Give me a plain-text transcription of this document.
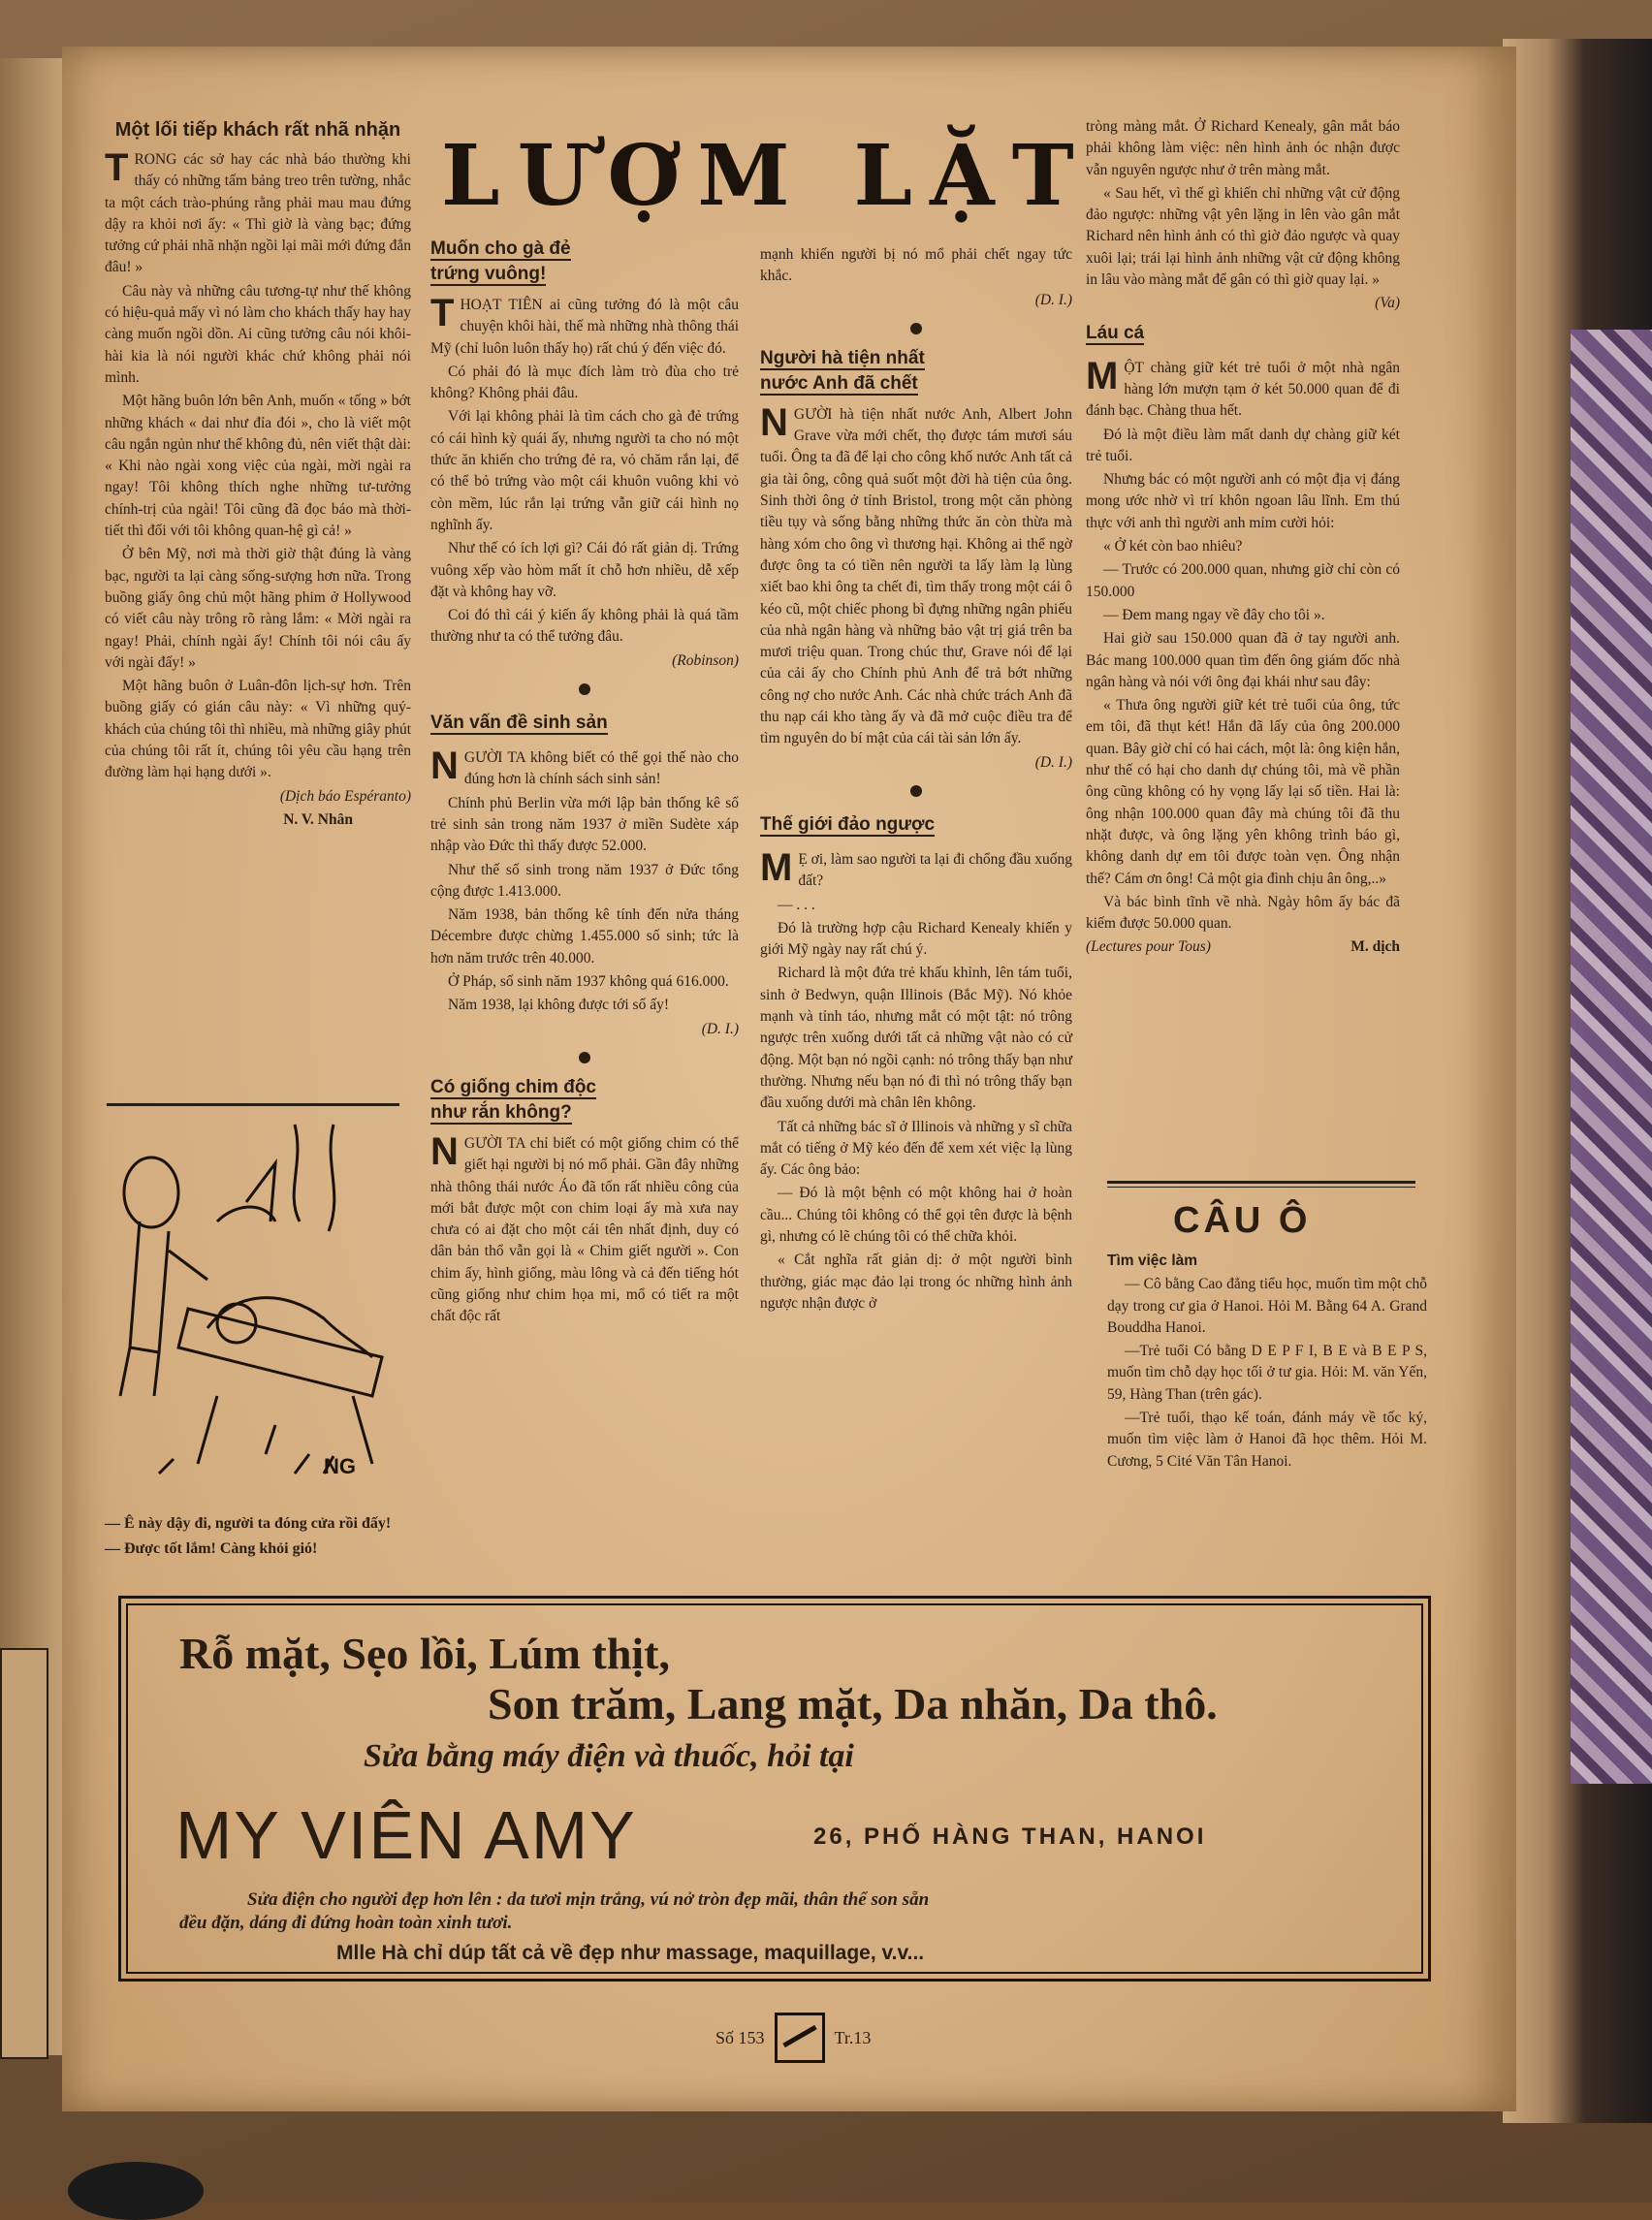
Một lối tiếp khách rất nhã nhặn

TRONG các sở hay các nhà báo thường khi thấy có những tấm bảng treo trên tường, nhắc ta một cách trào-phúng rằng phải mau mau đứng dậy ra khỏi nơi ấy: « Thì giờ là vàng bạc; đứng tưởng cứ phải nhã nhặn ngồi lại mãi mới đứng đắn đâu! »

Câu này và những câu tương-tự như thế không có hiệu-quả mấy vì nó làm cho khách thấy hay hay càng muốn ngồi dồn. Ai cũng tưởng câu nói khôi-hài kia là nói người khác chứ không phải nói mình.

Một hãng buôn lớn bên Anh, muốn « tống » bớt những khách « dai như đỉa đói », cho là viết một câu ngắn ngủn như thế không đủ, nên viết thật dài: « Khi nào ngài xong việc của ngài, mời ngài ra ngay! Tôi không thích nghe những tư-tưởng chính-trị của ngài! Tôi cũng đã đọc báo mà thời-tiết thì đối với tôi không quan-hệ gì cả! »

Ở bên Mỹ, nơi mà thời giờ thật đúng là vàng bạc, người ta lại càng sống-sượng hơn nữa. Trong buồng giấy ông chủ một hãng phim ở Hollywood có viết câu này trông rõ ràng lắm: « Mời ngài ra ngay! Phải, chính ngài ấy! Chính tôi nói câu ấy với ngài đấy! »

Một hãng buôn ở Luân-đôn lịch-sự hơn. Trên buồng giấy có gián câu này: « Vì những quý-khách của chúng tôi thì nhiều, mà những giây phút của chúng tôi rất ít, chúng tôi yêu cầu hạng trên đường làm hại hạng dưới ».

(Dịch báo Espéranto)

N. V. Nhân

NG

— Ê này dậy đi, người ta đóng cửa rồi đấy!

— Được tốt lắm! Càng khỏi gió!

LƯỢM LẶT
Muốn cho gà đẻ
trứng vuông!

THOẠT TIÊN ai cũng tưởng đó là một câu chuyện khôi hài, thế mà những nhà thông thái Mỹ (chỉ luôn luôn thấy họ) rất chú ý đến việc đó.

Có phải đó là mục đích làm trò đùa cho trẻ không? Không phải đâu.

Với lại không phải là tìm cách cho gà đẻ trứng có cái hình kỳ quái ấy, nhưng người ta cho nó một thức ăn khiến cho trứng đẻ ra, vỏ chăm rắn lại, để có thể bỏ trứng vào một cái khuôn vuông khi vỏ còn mềm, lúc rắn lại trứng vẫn giữ cái hình nọ nghĩnh ấy.

Như thế có ích lợi gì? Cái đó rất giản dị. Trứng vuông xếp vào hòm mất ít chỗ hơn nhiều, dễ xếp đặt và không hay vỡ.

Coi đó thì cái ý kiến ấy không phải là quá tầm thường như ta có thể tưởng đâu.

(Robinson)

Văn vấn đề sinh sản

NGƯỜI TA không biết có thể gọi thế nào cho đúng hơn là chính sách sinh sản!

Chính phủ Berlin vừa mới lập bản thống kê số trẻ sinh sản trong năm 1937 ở miền Sudète xáp nhập vào Đức thì thấy được 52.000.

Như thế số sinh trong năm 1937 ở Đức tổng cộng được 1.413.000.

Năm 1938, bản thống kê tính đến nửa tháng Décembre được chừng 1.455.000 số sinh; tức là hơn năm trước trên 40.000.

Ở Pháp, số sinh năm 1937 không quá 616.000.

Năm 1938, lại không được tới số ấy!

(D. I.)

Có giống chim độc
như rắn không?

NGƯỜI TA chỉ biết có một giống chim có thể giết hại người bị nó mổ phải. Gần đây những nhà thông thái nước Áo đã tốn rất nhiều công của mới bắt được một con chim loại ấy mà xưa nay chưa có ai đặt cho một cái tên nhất định, duy có dân bản thổ vẫn gọi là « Chim giết người ». Con chim ấy, hình giống, màu lông và cả đến tiếng hót cũng giống như chim họa mi, mổ có tiết ra một chất độc rất

mạnh khiến người bị nó mổ phải chết ngay tức khắc.

(D. I.)

Người hà tiện nhất
nước Anh đã chết

NGƯỜI hà tiện nhất nước Anh, Albert John Grave vừa mới chết, thọ được tám mươi sáu tuổi. Ông ta đã để lại cho công khố nước Anh tất cả gia tài ông, công quả suốt một đời hà tiện của ông. Sinh thời ông ở tỉnh Bristol, trong một căn phòng tiều tụy và sống bằng những thức ăn còn thừa mà hàng xóm cho ông vì thương hại. Không ai thể ngờ được ông ta có tiền nên người ta lấy làm lạ lùng xiết bao khi ông ta chết đi, tìm thấy trong một cái ô kéo cũ, một chiếc phong bì đựng những ngân phiếu của nhà ngân hàng và những bảo vật trị giá trên ba mươi triệu quan. Trong chúc thư, Grave nói để lại của cải ấy cho Chính phủ Anh để trả bớt những công nợ cho nước Anh. Các nhà chức trách Anh đã thu nạp cái kho tàng ấy và đã mở cuộc điều tra để tìm nguyên do bí mật của cái tài sản lớn ấy.

(D. I.)

Thế giới đảo ngược

M Ẹ ơi, làm sao người ta lại đi chổng đầu xuống đất?

— . . .

Đó là trường hợp cậu Richard Kenealy khiến y giới Mỹ ngày nay rất chú ý.

Richard là một đứa trẻ khấu khỉnh, lên tám tuổi, sinh ở Bedwyn, quận Illinois (Bắc Mỹ). Nó khỏe mạnh và tỉnh táo, nhưng mắt có một tật: nó trông ngược trên xuống dưới tất cả những vật nào có cử động. Một bạn nó ngồi cạnh: nó trông thấy bạn như thường. Nhưng nếu bạn nó đi thì nó trông thấy bạn đầu xuống dưới mà chân lên không.

Tất cả những bác sĩ ở Illinois và những y sĩ chữa mắt có tiếng ở Mỹ kéo đến để xem xét việc lạ lùng ấy. Các ông bảo:

— Đó là một bệnh có một không hai ở hoàn cầu... Chúng tôi không có thể gọi tên được là bệnh gì, nhưng có lẽ chúng tôi có thể chữa khỏi.

« Cắt nghĩa rất giản dị: ở một người bình thường, giác mạc đảo lại trong óc những hình ảnh ngược nhận được ở

tròng màng mắt. Ở Richard Kenealy, gân mắt báo phải không làm việc: nên hình ảnh óc nhận được vẫn nguyên ngược như ở trên màng mắt.

« Sau hết, vì thế gì khiến chỉ những vật cử động đảo ngược: những vật yên lặng in lên vào gân mắt Richard nên hình ảnh có thì giờ đảo ngược và quay xuôi lại; trái lại hình ảnh những vật cử động không in lâu vào màng mắt để gân có thì giờ quay lại. »

(Va)

Láu cá

MỘT chàng giữ két trẻ tuổi ở một nhà ngân hàng lớn mượn tạm ở két 50.000 quan để đi đánh bạc. Chàng thua hết.

Đó là một điều làm mất danh dự chàng giữ két trẻ tuổi.

Nhưng bác có một người anh có một địa vị đáng mong ước nhờ vì trí khôn ngoan lâu lĩnh. Em thú thực với anh thì người anh mỉm cười hỏi:

« Ở két còn bao nhiêu?

— Trước có 200.000 quan, nhưng giờ chỉ còn có 150.000

— Đem mang ngay về đây cho tôi ».

Hai giờ sau 150.000 quan đã ở tay người anh. Bác mang 100.000 quan tìm đến ông giám đốc nhà ngân hàng và nói với ông đại khái như sau đây:

« Thưa ông người giữ két trẻ tuổi của ông, tức em tôi, đã thụt két! Hắn đã lấy của ông 200.000 quan. Bây giờ chỉ có hai cách, một là: ông kiện hắn, như thế có hại cho danh dự chúng tôi, mà về phần ông cũng không có hy vọng lấy lại số tiền. Hai là: ông nhận 100.000 quan đây mà chúng tôi đã thu nhặt được, và ông lặng yên không trình báo gì, không danh dự em tôi được toàn vẹn. Ông nhận thế? Cám ơn ông! Cả một gia đình chịu ân ông,..»

Và bác bình tĩnh về nhà. Ngày hôm ấy bác đã kiếm được 50.000 quan.

(Lectures pour Tous)	M. dịch

CÂU Ô

Tìm việc làm

— Cô bằng Cao đẳng tiểu học, muốn tìm một chỗ dạy trong cư gia ở Hanoi. Hỏi M. Bằng 64 A. Grand Bouddha Hanoi.

—Trẻ tuổi Có bằng D E P F I, B E và B E P S, muốn tìm chỗ dạy học tối ở tư gia. Hỏi: M. văn Yến, 59, Hàng Than (trên gác).

—Trẻ tuổi, thạo kế toán, đánh máy về tốc ký, muốn tìm việc làm ở Hanoi đã học thêm. Hỏi M. Cương, 5 Cité Văn Tân Hanoi.

Rỗ mặt, Sẹo lồi, Lúm thịt,
Son trăm, Lang mặt, Da nhăn, Da thô.
Sửa bằng máy điện và thuốc, hỏi tại
MY VIÊN AMY	26, PHỐ HÀNG THAN, HANOI
Sửa điện cho người đẹp hơn lên : da tươi mịn trắng, vú nở tròn đẹp mãi, thân thể son sẵn
đều đặn, dáng đi đứng hoàn toàn xinh tươi.
Mlle Hà chỉ dúp tất cả về đẹp như massage, maquillage, v.v...
Số 153	Tr.13
